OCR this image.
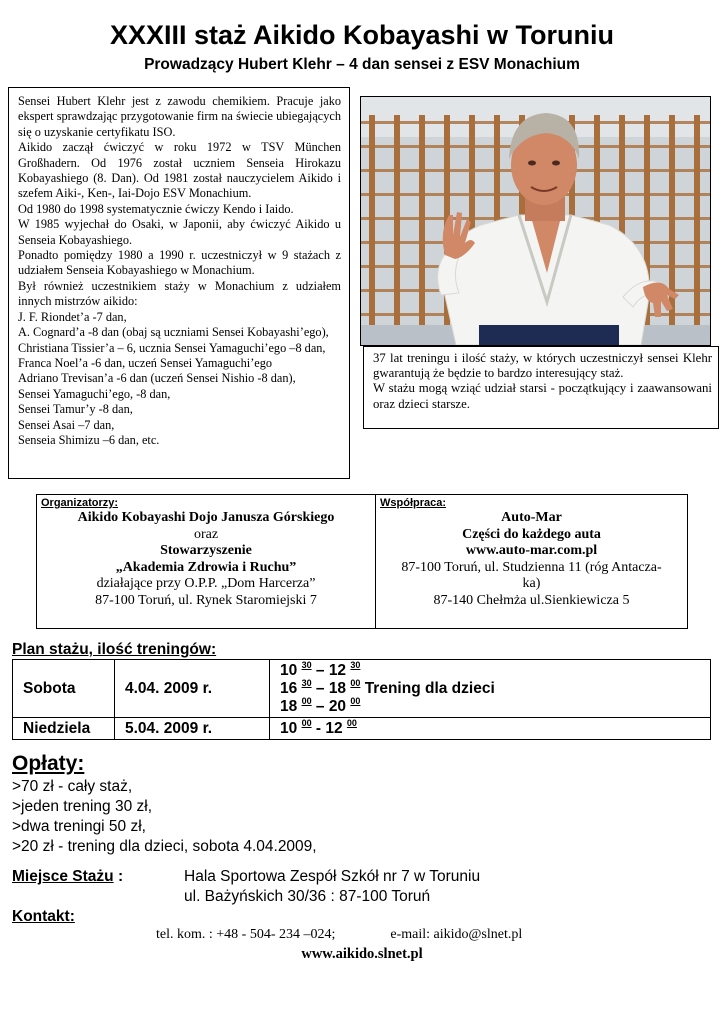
XXXIII staż Aikido Kobayashi w Toruniu
Prowadzący Hubert Klehr – 4 dan sensei z ESV Monachium

Sensei Hubert Klehr jest z zawodu chemikiem. Pracuje jako ekspert sprawdzając przygotowanie firm na świecie ubiegających się o uzyskanie certyfikatu ISO.

Aikido zaczął ćwiczyć w roku 1972 w TSV München Großhadern. Od 1976 został uczniem Senseia Hirokazu Kobayashiego (8. Dan). Od 1981 został nauczycielem Aikido i szefem Aiki-, Ken-, Iai-Dojo ESV Monachium.

Od 1980 do 1998 systematycznie ćwiczy Kendo i Iaido.

W 1985 wyjechał do Osaki, w Japonii, aby ćwiczyć Aikido u Senseia Kobayashiego.

Ponadto pomiędzy 1980 a 1990 r. uczestniczył w 9 stażach z udziałem Senseia Kobayashiego w Monachium.

Był również uczestnikiem staży w Monachium z udziałem innych mistrzów aikido:

J. F. Riondet’a -7 dan,

A. Cognard’a -8 dan (obaj są uczniami Sensei Kobayashi’ego),

Christiana Tissier’a – 6, ucznia Sensei Yamaguchi’ego –8 dan,

Franca Noel’a -6 dan, uczeń Sensei Yamaguchi’ego

Adriano Trevisan’a -6 dan (uczeń Sensei Nishio -8 dan),

Sensei Yamaguchi’ego, -8 dan,

Sensei Tamur’y -8 dan,

Sensei Asai –7 dan,

Senseia Shimizu –6 dan, etc.

37 lat treningu i ilość staży, w których uczestniczył sensei Klehr gwarantują że będzie to bardzo interesujący staż.

W stażu mogą wziąć udział starsi - początkujący i zaawansowani oraz dzieci starsze.

Organizatorzy:

Aikido Kobayashi Dojo Janusza Górskiego

oraz

Stowarzyszenie

„Akademia Zdrowia i Ruchu”

działające przy O.P.P. „Dom Harcerza”

87-100 Toruń, ul. Rynek Staromiejski 7

Współpraca:

Auto-Mar

Części do każdego auta

www.auto-mar.com.pl

87-100 Toruń, ul. Studzienna 11 (róg Antacza-

ka)

87-140 Chełmża ul.Sienkiewicza 5

Plan stażu, ilość treningów:
Sobota	4.04. 2009 r.	10 $^{30}$ – 12 $^{30}$
16 $^{30}$ – 18 $^{00}$ Trening dla dzieci
18 $^{00}$ – 20 $^{00}$

Niedziela	5.04. 2009 r.	10 $^{00}$ - 12 $^{00}$
Opłaty:
>70 zł - cały staż,
>jeden trening 30 zł,
>dwa treningi 50 zł,
>20 zł - trening dla dzieci, sobota 4.04.2009,
Miejsce Stażu :	Hala Sportowa Zespół Szkół nr 7 w Toruniu
ul. Bażyńskich 30/36 : 87-100 Toruń
Kontakt:
tel. kom. : +48 - 504- 234 –024;	e-mail: aikido@slnet.pl
www.aikido.slnet.pl
